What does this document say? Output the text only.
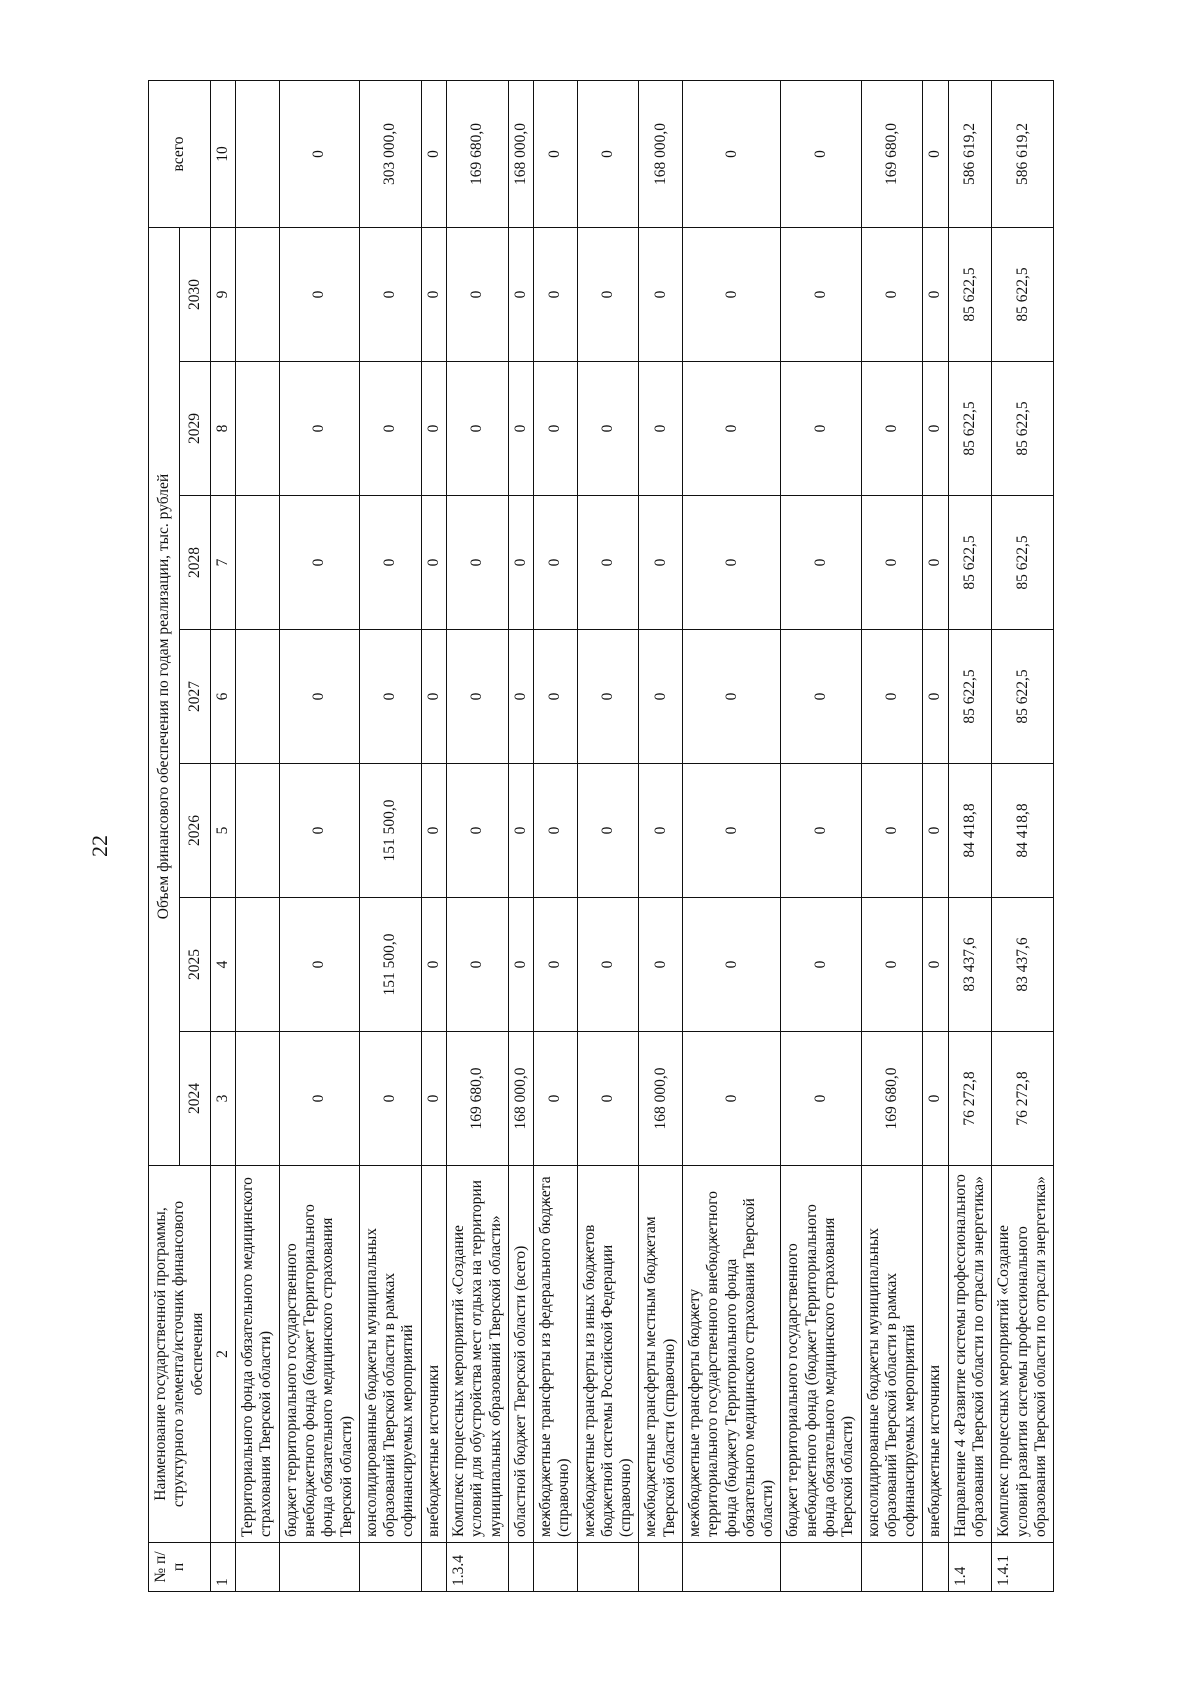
22
№ п/п	Наименование государственной программы, структурного элемента/источник финансового обеспечения	Объем финансового обеспечения по годам реализации, тыс. рублей							всего
		2024	2025	2026	2027	2028	2029	2030	
1	2	3	4	5	6	7	8	9	10
	Территориального фонда обязательного медицинского страхования Тверской области)								
	бюджет территориального государственного внебюджетного фонда (бюджет Территориального фонда обязательного медицинского страхования Тверской области)	0	0	0	0	0	0	0	0
	консолидированные бюджеты муниципальных образований Тверской области в рамках софинансируемых мероприятий	0	151 500,0	151 500,0	0	0	0	0	303 000,0
	внебюджетные источники	0	0	0	0	0	0	0	0
1.3.4	Комплекс процессных мероприятий «Создание условий для обустройства мест отдыха на территории муниципальных образований Тверской области»	169 680,0	0	0	0	0	0	0	169 680,0
	областной бюджет Тверской области (всего)	168 000,0	0	0	0	0	0	0	168 000,0
	межбюджетные трансферты из федерального бюджета (справочно)	0	0	0	0	0	0	0	0
	межбюджетные трансферты из иных бюджетов бюджетной системы Российской Федерации (справочно)	0	0	0	0	0	0	0	0
	межбюджетные трансферты местным бюджетам Тверской области (справочно)	168 000,0	0	0	0	0	0	0	168 000,0
	межбюджетные трансферты бюджету территориального государственного внебюджетного фонда (бюджету Территориального фонда обязательного медицинского страхования Тверской области)	0	0	0	0	0	0	0	0
	бюджет территориального государственного внебюджетного фонда (бюджет Территориального фонда обязательного медицинского страхования Тверской области)	0	0	0	0	0	0	0	0
	консолидированные бюджеты муниципальных образований Тверской области в рамках софинансируемых мероприятий	169 680,0	0	0	0	0	0	0	169 680,0
	внебюджетные источники	0	0	0	0	0	0	0	0
1.4	Направление 4 «Развитие системы профессионального образования Тверской области по отрасли энергетика»	76 272,8	83 437,6	84 418,8	85 622,5	85 622,5	85 622,5	85 622,5	586 619,2
1.4.1	Комплекс процессных мероприятий «Создание условий развития системы профессионального образования Тверской области по отрасли энергетика»	76 272,8	83 437,6	84 418,8	85 622,5	85 622,5	85 622,5	85 622,5	586 619,2
